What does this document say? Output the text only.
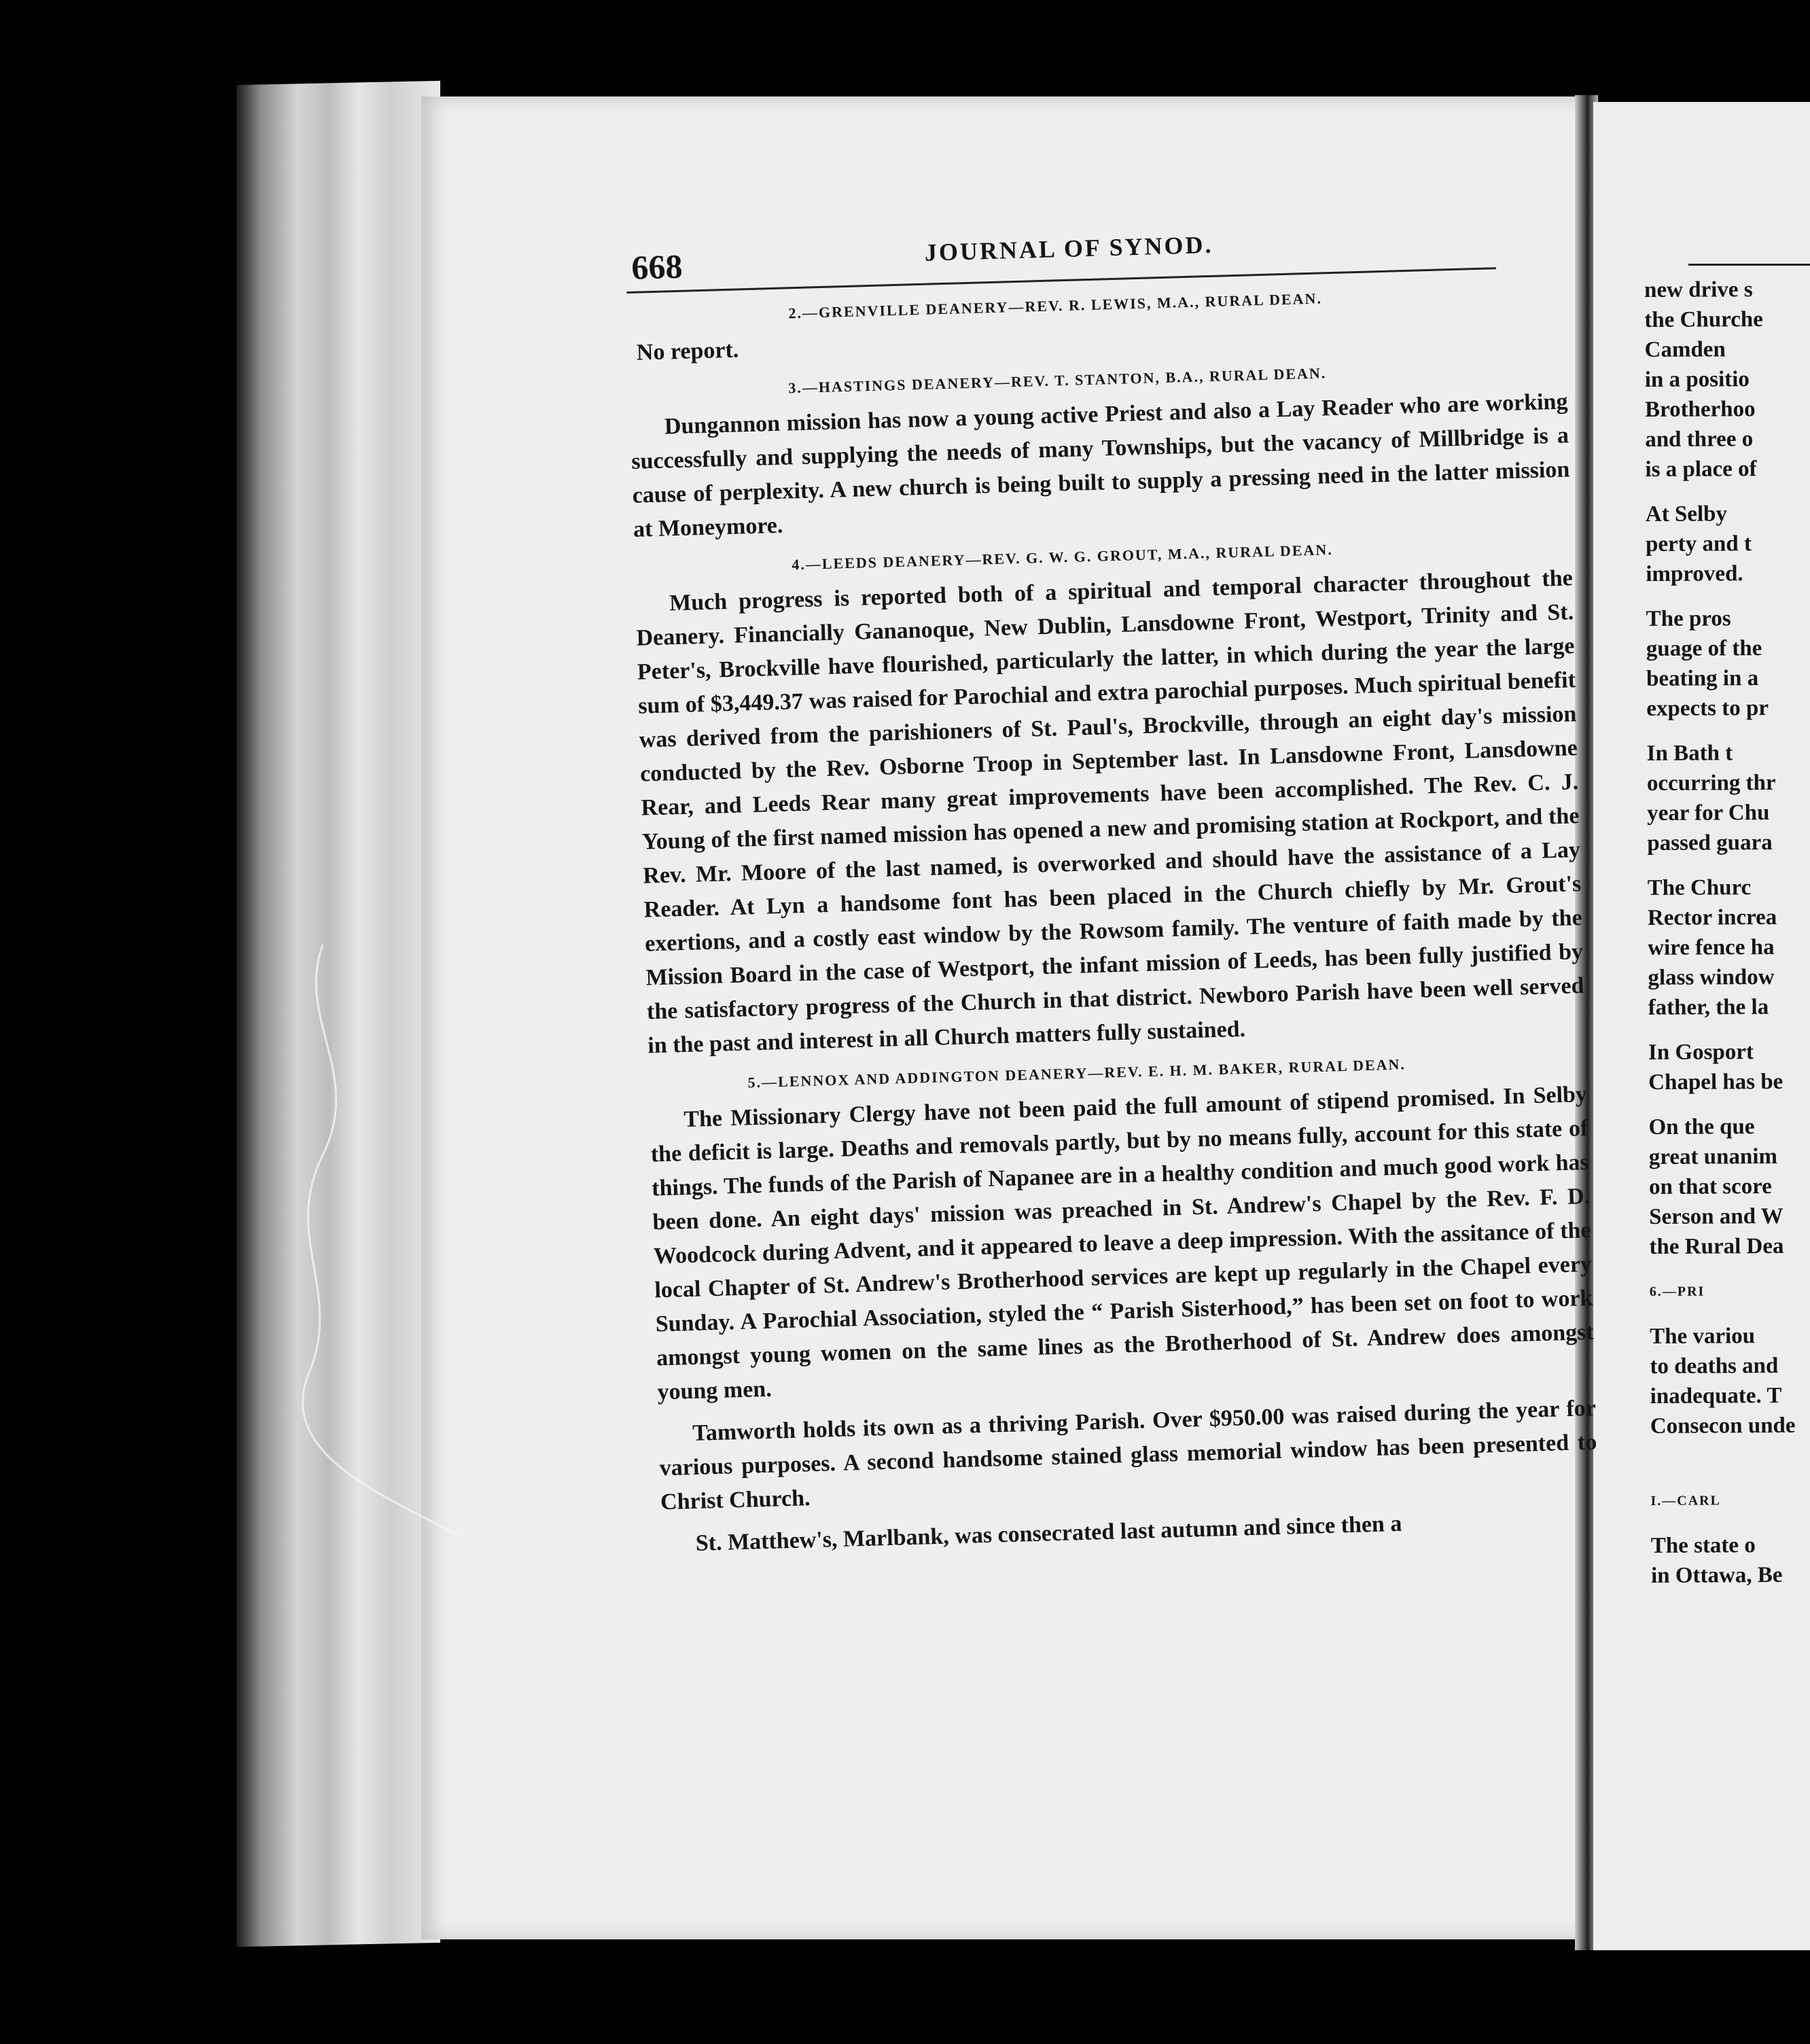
668	JOURNAL OF SYNOD.
2.—GRENVILLE DEANERY—REV. R. LEWIS, M.A., RURAL DEAN.

No report.

3.—HASTINGS DEANERY—REV. T. STANTON, B.A., RURAL DEAN.

Dungannon mission has now a young active Priest and also a Lay Reader who are working successfully and supplying the needs of many Townships, but the vacancy of Millbridge is a cause of perplexity. A new church is being built to supply a pressing need in the latter mission at Moneymore.

4.—LEEDS DEANERY—REV. G. W. G. GROUT, M.A., RURAL DEAN.

Much progress is reported both of a spiritual and temporal character throughout the Deanery. Financially Gananoque, New Dublin, Lansdowne Front, Westport, Trinity and St. Peter's, Brockville have flourished, particularly the latter, in which during the year the large sum of $3,449.37 was raised for Parochial and extra parochial purposes. Much spiritual benefit was derived from the parishioners of St. Paul's, Brockville, through an eight day's mission conducted by the Rev. Osborne Troop in September last. In Lansdowne Front, Lansdowne Rear, and Leeds Rear many great improvements have been accomplished. The Rev. C. J. Young of the first named mission has opened a new and promising station at Rockport, and the Rev. Mr. Moore of the last named, is overworked and should have the assistance of a Lay Reader. At Lyn a handsome font has been placed in the Church chiefly by Mr. Grout's exertions, and a costly east window by the Rowsom family. The venture of faith made by the Mission Board in the case of Westport, the infant mission of Leeds, has been fully justified by the satisfactory progress of the Church in that district. Newboro Parish have been well served in the past and interest in all Church matters fully sustained.

5.—LENNOX AND ADDINGTON DEANERY—REV. E. H. M. BAKER, RURAL DEAN.

The Missionary Clergy have not been paid the full amount of stipend promised. In Selby the deficit is large. Deaths and removals partly, but by no means fully, account for this state of things. The funds of the Parish of Napanee are in a healthy condition and much good work has been done. An eight days' mission was preached in St. Andrew's Chapel by the Rev. F. D. Woodcock during Advent, and it appeared to leave a deep impression. With the assitance of the local Chapter of St. Andrew's Brotherhood services are kept up regularly in the Chapel every Sunday. A Parochial Association, styled the “ Parish Sisterhood,” has been set on foot to work amongst young women on the same lines as the Brotherhood of St. Andrew does amongst young men.

Tamworth holds its own as a thriving Parish. Over $950.00 was raised during the year for various purposes. A second handsome stained glass memorial window has been presented to Christ Church.

St. Matthew's, Marlbank, was consecrated last autumn and since then a

new drive s
the Churche
Camden
in a positio
Brotherhoo
and three o
is a place of
At Selby
perty and t
improved.
The pros
guage of the
beating in a
expects to pr
In Bath t
occurring thr
year for Chu
passed guara
The Churc
Rector increa
wire fence ha
glass window
father, the la
In Gosport
Chapel has be
On the que
great unanim
on that score
Serson and W
the Rural Dea
6.—PRI
The variou
to deaths and
inadequate. T
Consecon unde
I.—CARL
The state o
in Ottawa, Be
